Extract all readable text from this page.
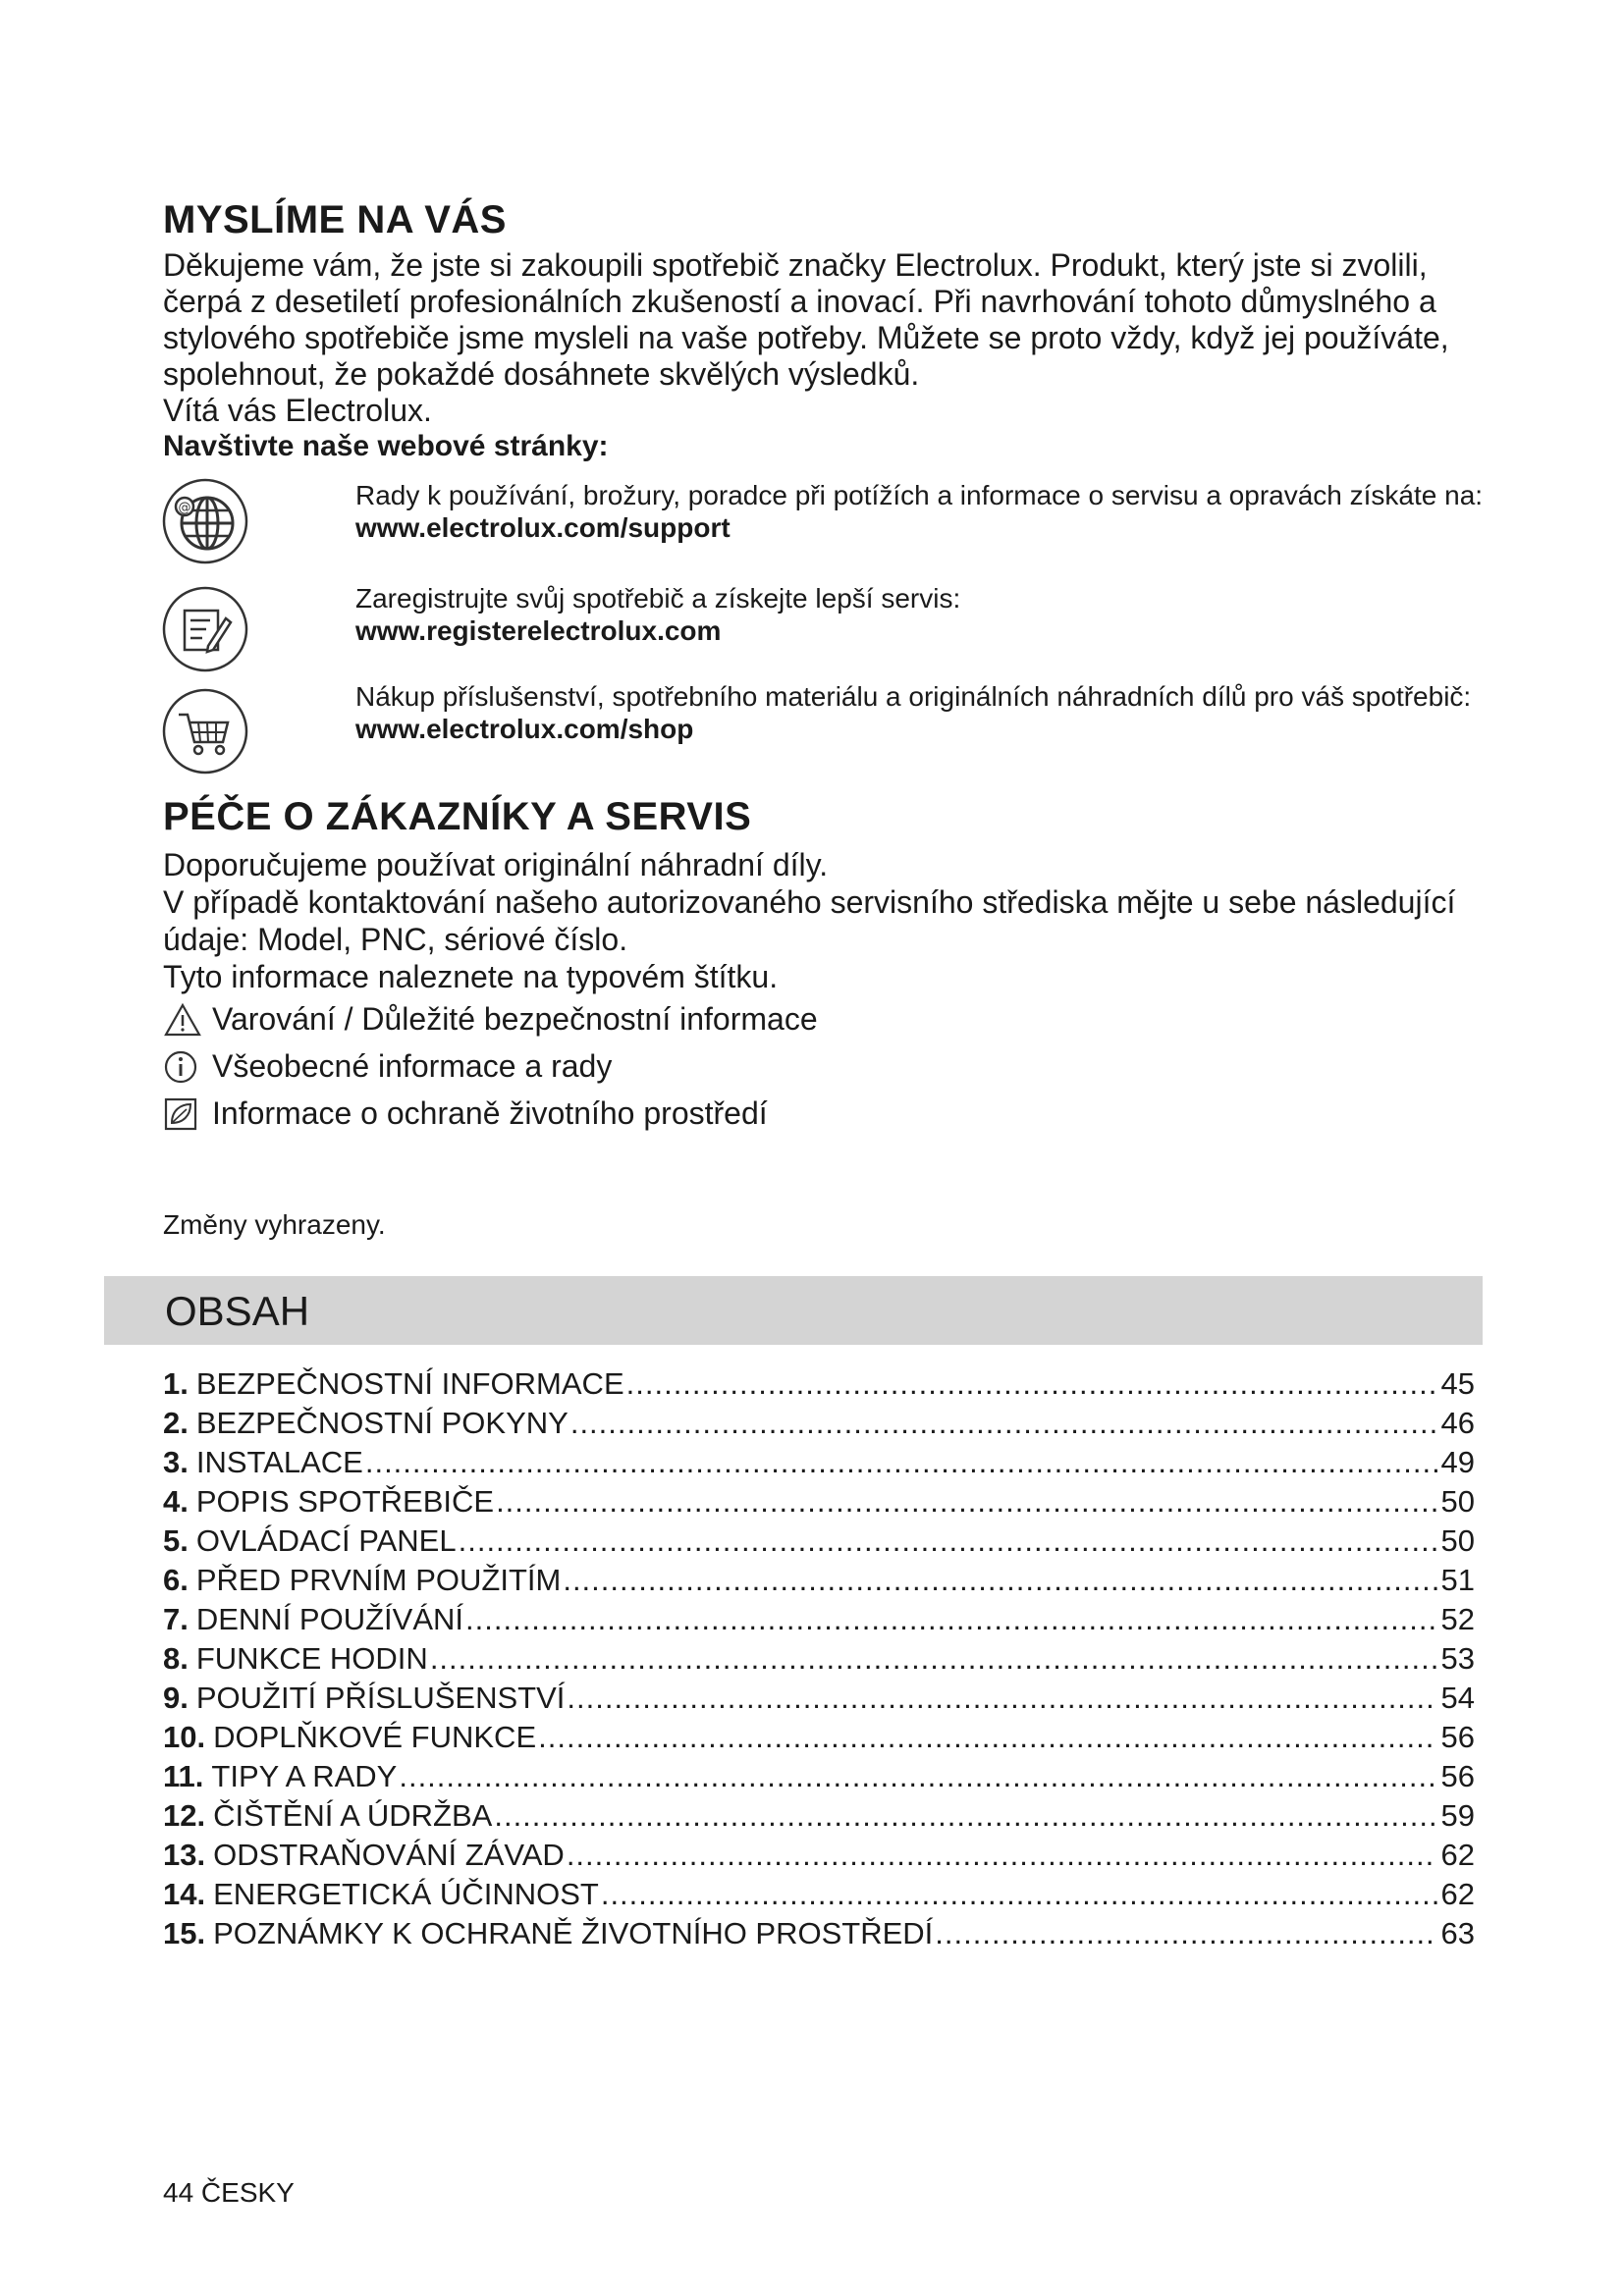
MYSLÍME NA VÁS

Děkujeme vám, že jste si zakoupili spotřebič značky Electrolux. Produkt, který jste si zvolili, čerpá z desetiletí profesionálních zkušeností a inovací. Při navrhování tohoto důmyslného a stylového spotřebiče jsme mysleli na vaše potřeby. Můžete se proto vždy, když jej používáte, spolehnout, že pokaždé dosáhnete skvělých výsledků.

Vítá vás Electrolux.

Navštivte naše webové stránky:
@	Rady k používání, brožury, poradce při potížích a informace o servisu a opravách získáte na:
www.electrolux.com/support

Zaregistrujte svůj spotřebič a získejte lepší servis:
www.registerelectrolux.com

Nákup příslušenství, spotřebního materiálu a originálních náhradních dílů pro váš spotřebič:
www.electrolux.com/shop

PÉČE O ZÁKAZNÍKY A SERVIS

Doporučujeme používat originální náhradní díly.

V případě kontaktování našeho autorizovaného servisního střediska mějte u sebe následující údaje: Model, PNC, sériové číslo.

Tyto informace naleznete na typovém štítku.

Varování / Důležité bezpečnostní informace
Všeobecné informace a rady
Informace o ochraně životního prostředí

Změny vyhrazeny.

OBSAH
1. BEZPEČNOSTNÍ INFORMACE .....	45
2. BEZPEČNOSTNÍ POKYNY .....	46
3. INSTALACE .....	49
4. POPIS SPOTŘEBIČE .....	50
5. OVLÁDACÍ PANEL .....	50
6. PŘED PRVNÍM POUŽITÍM .....	51
7. DENNÍ POUŽÍVÁNÍ .....	52
8. FUNKCE HODIN .....	53
9. POUŽITÍ PŘÍSLUŠENSTVÍ .....	54
10. DOPLŇKOVÉ FUNKCE .....	56
11. TIPY A RADY .....	56
12. ČIŠTĚNÍ A ÚDRŽBA .....	59
13. ODSTRAŇOVÁNÍ ZÁVAD .....	62
14. ENERGETICKÁ ÚČINNOST .....	62
15. POZNÁMKY K OCHRANĚ ŽIVOTNÍHO PROSTŘEDÍ .....	63

44 ČESKY
